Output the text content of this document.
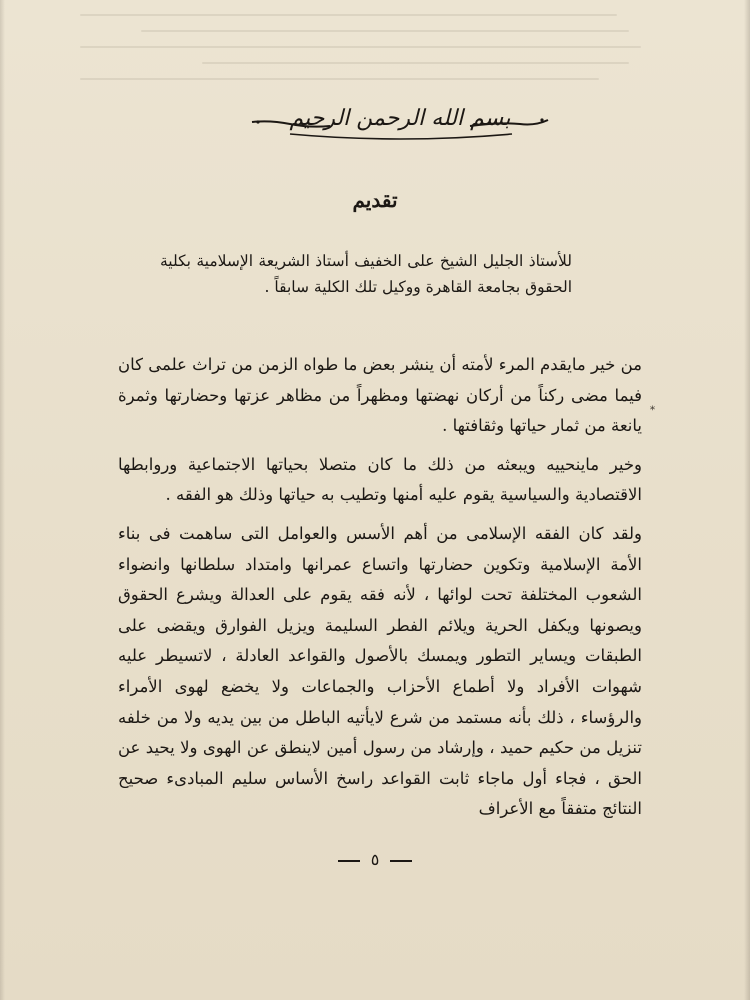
بسم الله الرحمن الرحيم
تقديم
للأستاذ الجليل الشيخ على الخفيف أستاذ الشريعة الإسلامية بكلية الحقوق بجامعة القاهرة ووكيل تلك الكلية سابقاً .
*

من خير مايقدم المرء لأمته أن ينشر بعض ما طواه الزمن من تراث علمى كان فيما مضى ركناً من أركان نهضتها ومظهراً من مظاهر عزتها وحضارتها وثمرة يانعة من ثمار حياتها وثقافتها .

وخير ماينحييه ويبعثه من ذلك ما كان متصلا بحياتها الاجتماعية وروابطها الاقتصادية والسياسية يقوم عليه أمنها وتطيب به حياتها وذلك هو الفقه .

ولقد كان الفقه الإسلامى من أهم الأسس والعوامل التى ساهمت فى بناء الأمة الإسلامية وتكوين حضارتها واتساع عمرانها وامتداد سلطانها وانضواء الشعوب المختلفة تحت لوائها ، لأنه فقه يقوم على العدالة ويشرع الحقوق ويصونها ويكفل الحرية ويلائم الفطر السليمة ويزيل الفوارق ويقضى على الطبقات ويساير التطور ويمسك بالأصول والقواعد العادلة ، لاتسيطر عليه شهوات الأفراد ولا أطماع الأحزاب والجماعات ولا يخضع لهوى الأمراء والرؤساء ، ذلك بأنه مستمد من شرع لايأتيه الباطل من بين يديه ولا من خلفه تنزيل من حكيم حميد ، وإرشاد من رسول أمين لاينطق عن الهوى ولا يحيد عن الحق ، فجاء أول ماجاء ثابت القواعد راسخ الأساس سليم المبادىء صحيح النتائج متفقاً مع الأعراف

٥
